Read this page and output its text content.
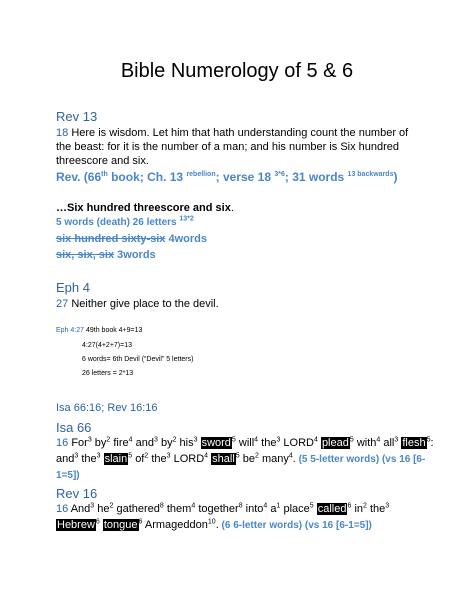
Bible Numerology of 5 & 6
Rev 13
18 Here is wisdom. Let him that hath understanding count the number of
the beast: for it is the number of a man; and his number is Six hundred
threescore and six.
Rev. (66th book; Ch. 13 $^{rebellion}$; verse 18 $^{3*6}$; 31 words $^{13 backwards}$)
…Six hundred threescore and six.
5 words (death) 26 letters $^{13*2}$
six hundred sixty-six 4words
six, six, six 3words
Eph 4
27 Neither give place to the devil.
Eph 4:27 49th book 4+9=13
4:27(4+2+7)=13
6 words= 6th Devil (“Devil” 5 letters)
26 letters = 2*13
Isa 66:16; Rev 16:16
Isa 66
16 For$^3$ $by^2$ fire$^4$ and$^3$ $by^2$ his$^3$ sword$^5$ will$^4$ the$^3$ LORD$^4$ plead$^5$ with$^4$ all$^3$ flesh$^5$:
and$^3$ the$^3$ slain$^5$ $of^2$ the$^3$ LORD$^4$ shall$^5$ $be^2$ many$^4$. (5 5-letter words) (vs 16 [6-
1=5])
Rev 16
16 And$^3$ $he^2$ gathered$^8$ them$^4$ together$^8$ into$^4$ $a^1$ place$^5$ called$^6$ $in^2$ the$^3$
Hebrew$^6$ tongue$^6$ Armageddon$^{10}$. (6 6-letter words) (vs 16 [6-1=5])
